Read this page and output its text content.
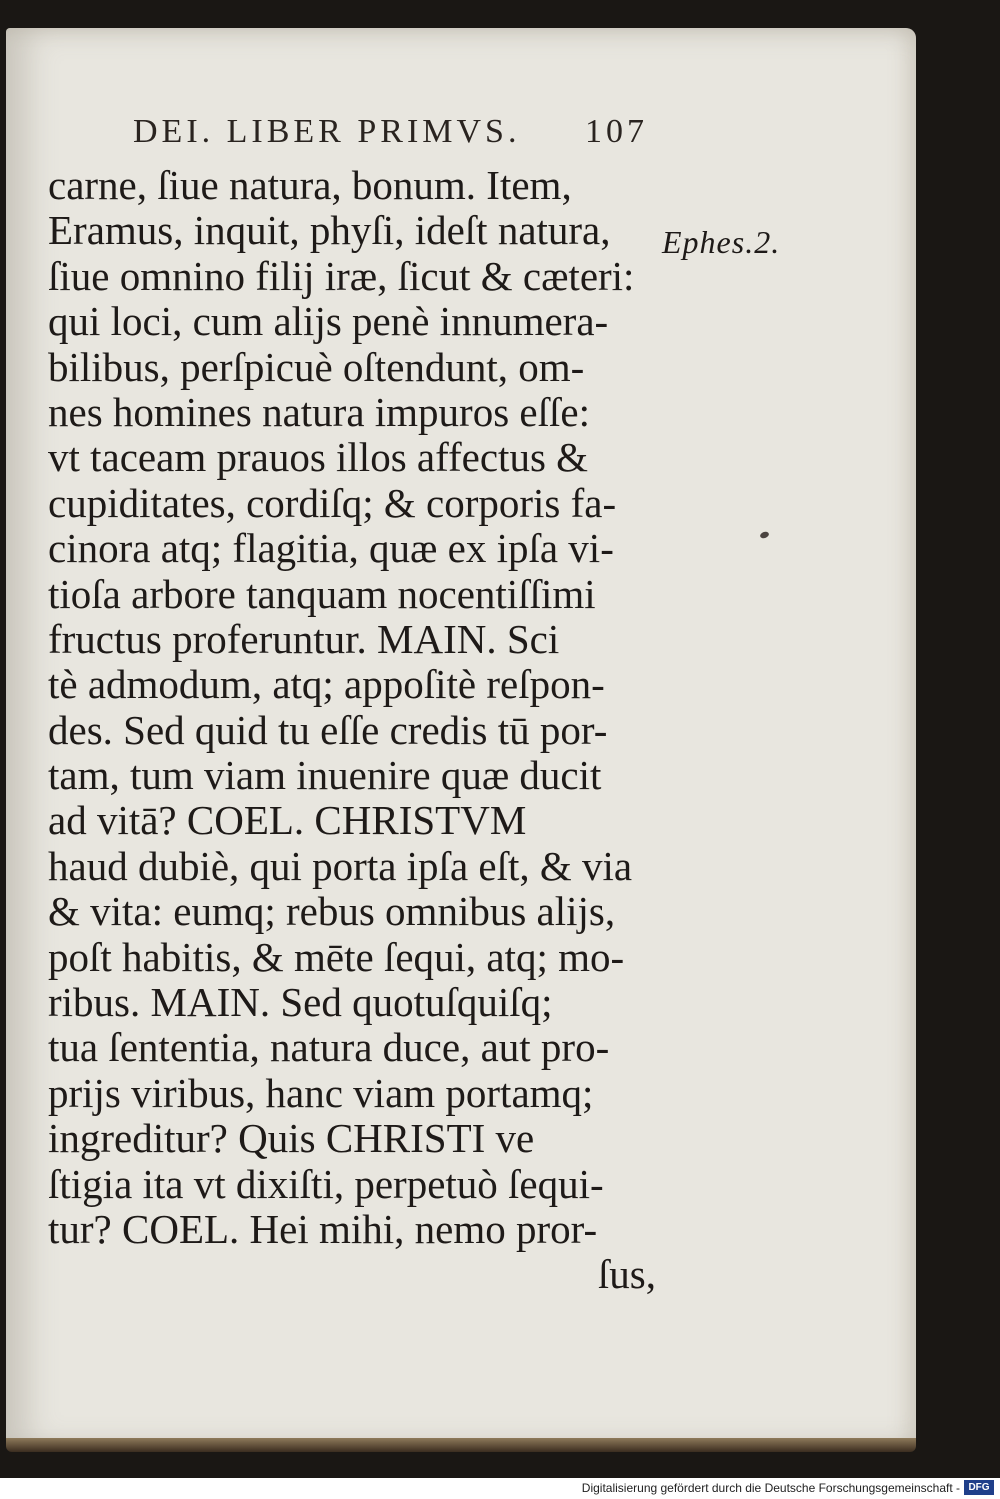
DEI. LIBER PRIMVS. 107
Ephes.2.
carne, ſiue natura, bonum. Item,
Eramus, inquit, phyſi, ideſt natura,
ſiue omnino filij iræ, ſicut & cæteri:
qui loci, cum alijs penè innumera-
bilibus, perſpicuè oſtendunt, om-
nes homines natura impuros eſſe:
vt taceam prauos illos affectus &
cupiditates, cordiſq; & corporis fa-
cinora atq; flagitia, quæ ex ipſa vi-
tioſa arbore tanquam nocentiſſimi
fructus proferuntur. MAIN. Sci
tè admodum, atq; appoſitè reſpon-
des. Sed quid tu eſſe credis tū por-
tam, tum viam inuenire quæ ducit
ad vitā? COEL. CHRISTVM
haud dubiè, qui porta ipſa eſt, & via
& vita: eumq; rebus omnibus alijs,
poſt habitis, & mēte ſequi, atq; mo-
ribus. MAIN. Sed quotuſquiſq;
tua ſententia, natura duce, aut pro-
prijs viribus, hanc viam portamq;
ingreditur? Quis CHRISTI ve
ſtigia ita vt dixiſti, perpetuò ſequi-
tur? COEL. Hei mihi, nemo pror-
ſus,
Digitalisierung gefördert durch die Deutsche Forschungsgemeinschaft - DFG
